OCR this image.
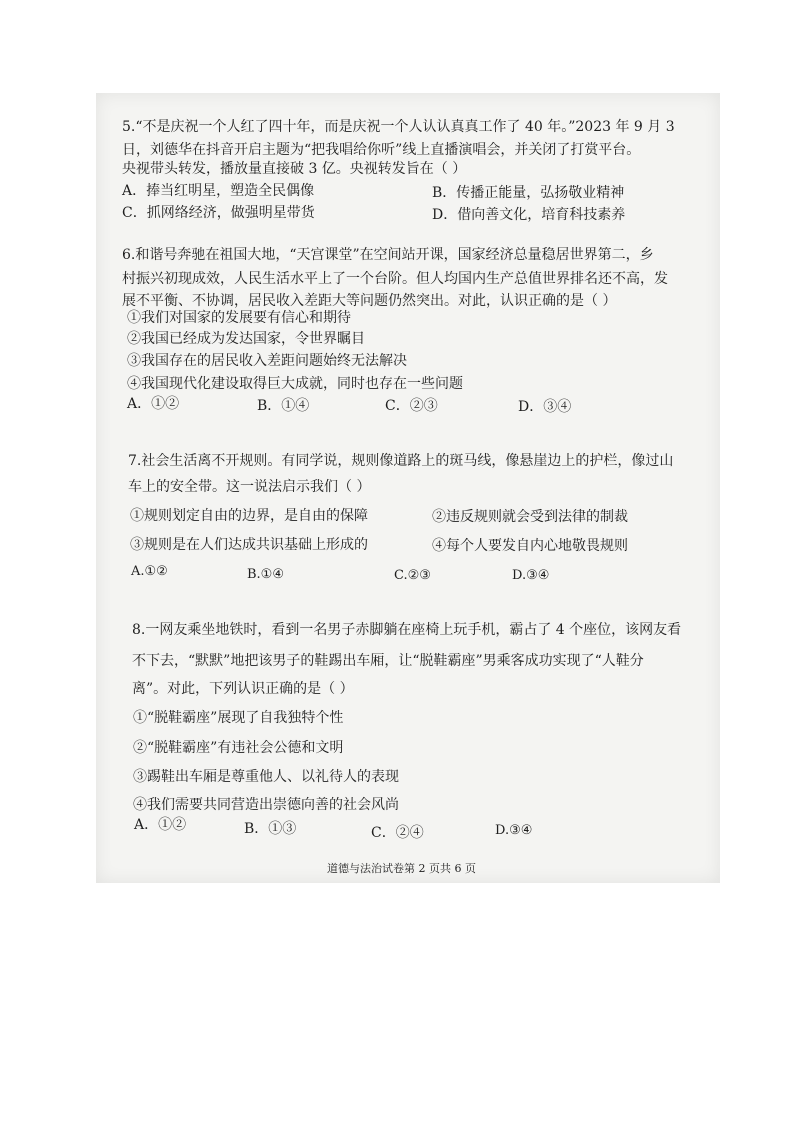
5.“不是庆祝一个人红了四十年，而是庆祝一个人认认真真工作了 40 年。”2023 年 9 月 3
日，刘德华在抖音开启主题为“把我唱给你听”线上直播演唱会，并关闭了打赏平台。
央视带头转发，播放量直接破 3 亿。央视转发旨在（ ）
A．捧当红明星，塑造全民偶像	B．传播正能量，弘扬敬业精神
C．抓网络经济，做强明星带货	D．借向善文化，培育科技素养
6.和谐号奔驰在祖国大地，“天宫课堂”在空间站开课，国家经济总量稳居世界第二，乡
村振兴初现成效，人民生活水平上了一个台阶。但人均国内生产总值世界排名还不高，发
展不平衡、不协调，居民收入差距大等问题仍然突出。对此，认识正确的是（ ）
①我们对国家的发展要有信心和期待
②我国已经成为发达国家，令世界瞩目
③我国存在的居民收入差距问题始终无法解决
④我国现代化建设取得巨大成就，同时也存在一些问题
A．①②	B．①④	C．②③	D．③④
7.社会生活离不开规则。有同学说，规则像道路上的斑马线，像悬崖边上的护栏，像过山
车上的安全带。这一说法启示我们（ ）
①规则划定自由的边界，是自由的保障	②违反规则就会受到法律的制裁
③规则是在人们达成共识基础上形成的	④每个人要发自内心地敬畏规则
A.①②	B.①④	C.②③	D.③④
8.一网友乘坐地铁时，看到一名男子赤脚躺在座椅上玩手机，霸占了 4 个座位，该网友看
不下去，“默默”地把该男子的鞋踢出车厢，让“脱鞋霸座”男乘客成功实现了“人鞋分
离”。对此，下列认识正确的是（ ）
①“脱鞋霸座”展现了自我独特个性
②“脱鞋霸座”有违社会公德和文明
③踢鞋出车厢是尊重他人、以礼待人的表现
④我们需要共同营造出崇德向善的社会风尚
A．①②	B．①③	C．②④	D.③④
道德与法治试卷第 2 页共 6 页
